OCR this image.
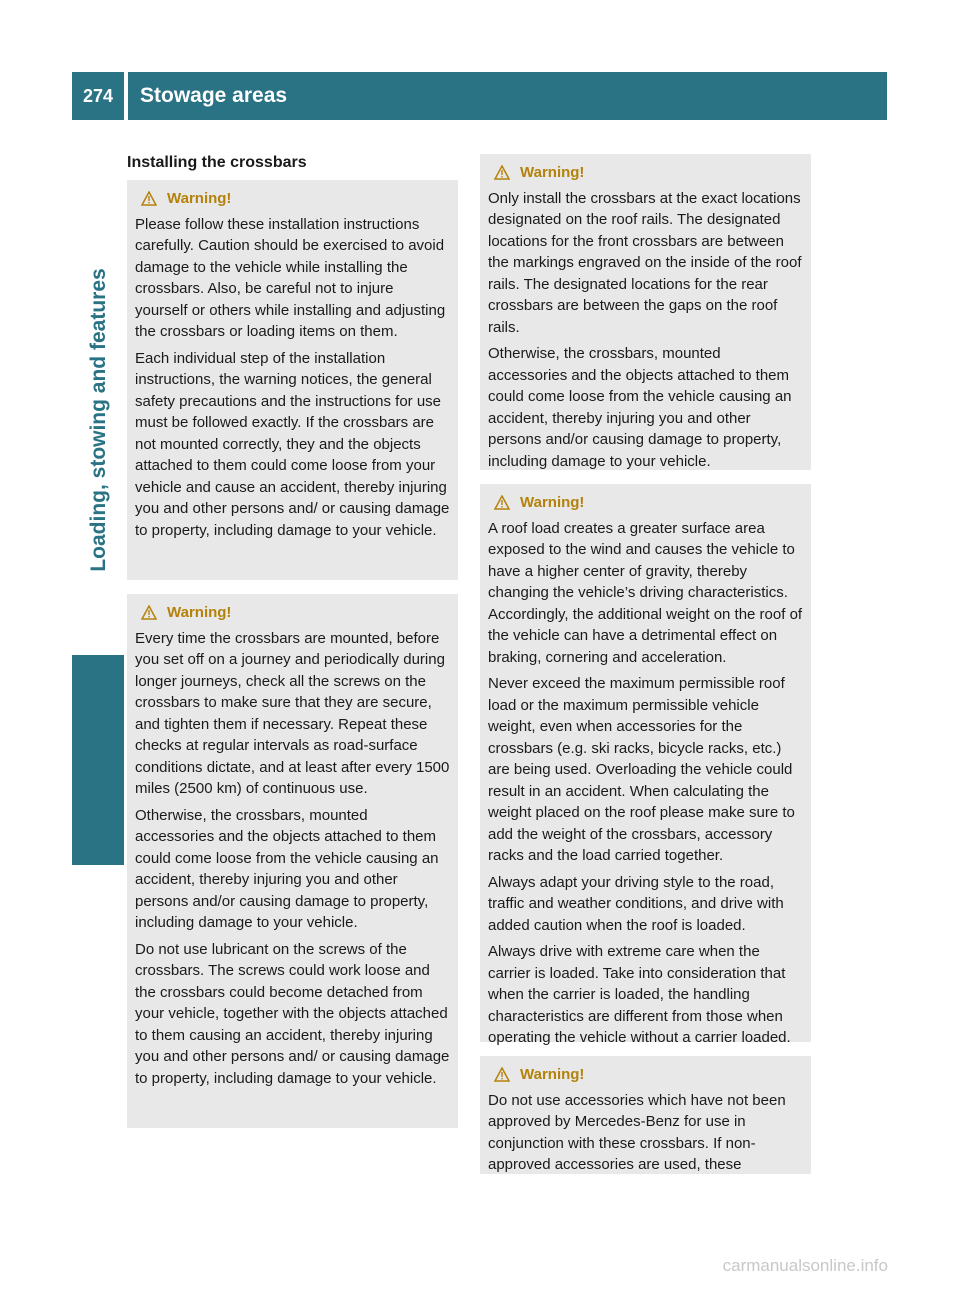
274	Stowage areas
Loading, stowing and features
Installing the crossbars
Warning!

Please follow these installation instructions carefully. Caution should be exercised to avoid damage to the vehicle while installing the crossbars. Also, be careful not to injure yourself or others while installing and adjusting the crossbars or loading items on them.

Each individual step of the installation instructions, the warning notices, the general safety precautions and the instructions for use must be followed exactly. If the crossbars are not mounted correctly, they and the objects attached to them could come loose from your vehicle and cause an accident, thereby injuring you and other persons and/ or causing damage to property, including damage to your vehicle.

Warning!

Every time the crossbars are mounted, before you set off on a journey and periodically during longer journeys, check all the screws on the crossbars to make sure that they are secure, and tighten them if necessary. Repeat these checks at regular intervals as road-surface conditions dictate, and at least after every 1500 miles (2500 km) of continuous use.

Otherwise, the crossbars, mounted accessories and the objects attached to them could come loose from the vehicle causing an accident, thereby injuring you and other persons and/or causing damage to property, including damage to your vehicle.

Do not use lubricant on the screws of the crossbars. The screws could work loose and the crossbars could become detached from your vehicle, together with the objects attached to them causing an accident, thereby injuring you and other persons and/ or causing damage to property, including damage to your vehicle.

Warning!

Only install the crossbars at the exact locations designated on the roof rails. The designated locations for the front crossbars are between the markings engraved on the inside of the roof rails. The designated locations for the rear crossbars are between the gaps on the roof rails.

Otherwise, the crossbars, mounted accessories and the objects attached to them could come loose from the vehicle causing an accident, thereby injuring you and other persons and/or causing damage to property, including damage to your vehicle.

Warning!

A roof load creates a greater surface area exposed to the wind and causes the vehicle to have a higher center of gravity, thereby changing the vehicle’s driving characteristics. Accordingly, the additional weight on the roof of the vehicle can have a detrimental effect on braking, cornering and acceleration.

Never exceed the maximum permissible roof load or the maximum permissible vehicle weight, even when accessories for the crossbars (e.g. ski racks, bicycle racks, etc.) are being used. Overloading the vehicle could result in an accident. When calculating the weight placed on the roof please make sure to add the weight of the crossbars, accessory racks and the load carried together.

Always adapt your driving style to the road, traffic and weather conditions, and drive with added caution when the roof is loaded.

Always drive with extreme care when the carrier is loaded. Take into consideration that when the carrier is loaded, the handling characteristics are different from those when operating the vehicle without a carrier loaded.

Warning!

Do not use accessories which have not been approved by Mercedes-Benz for use in conjunction with these crossbars. If non-approved accessories are used, these

carmanualsonline.info
